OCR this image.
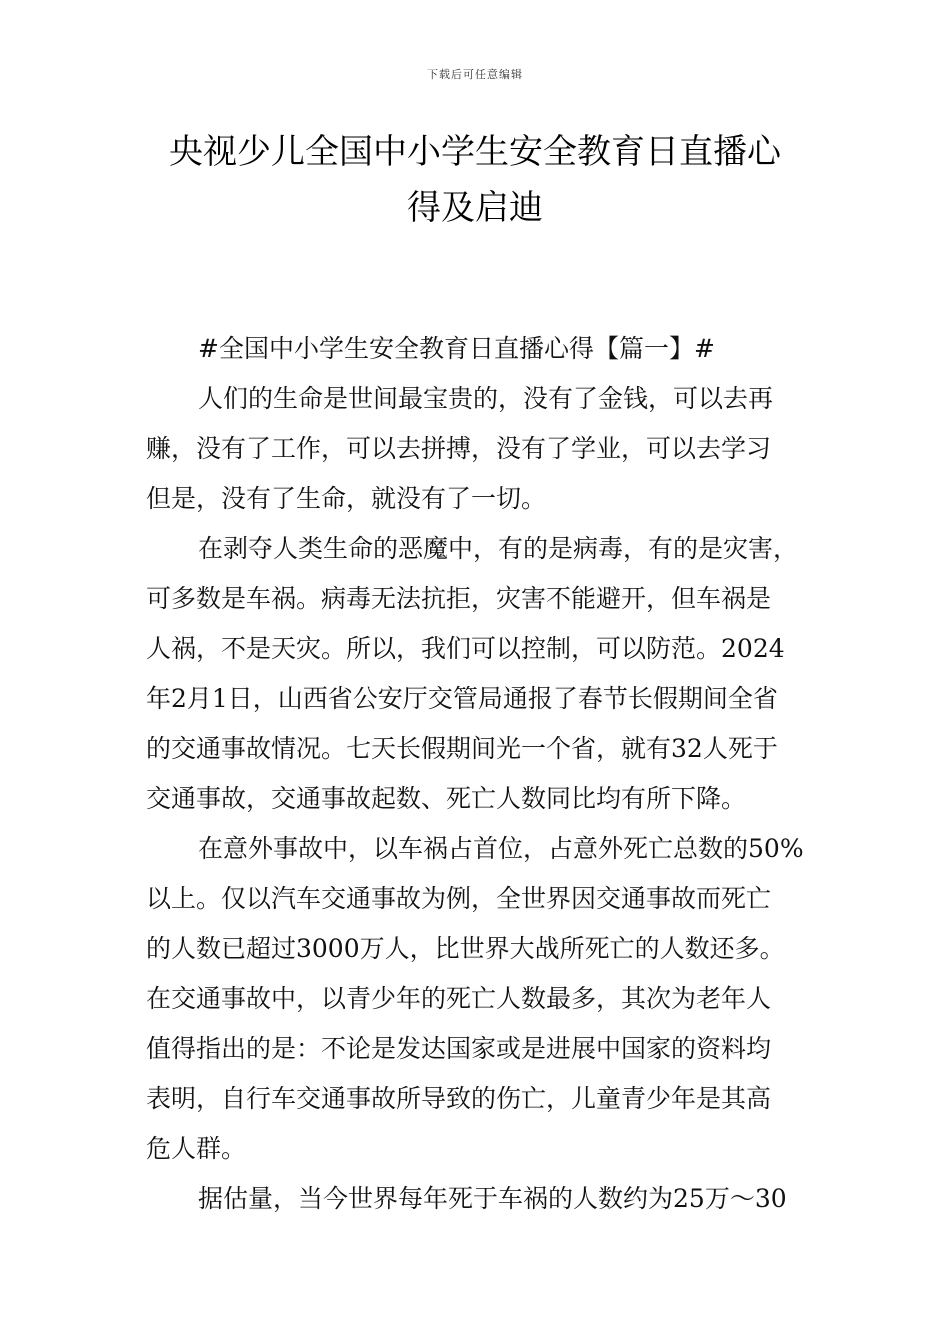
下载后可任意编辑
央视少儿全国中小学生安全教育日直播心
得及启迪
#全国中小学生安全教育日直播心得【篇一】#
人们的生命是世间最宝贵的，没有了金钱，可以去再
赚，没有了工作，可以去拼搏，没有了学业，可以去学习
但是，没有了生命，就没有了一切。
在剥夺人类生命的恶魔中，有的是病毒，有的是灾害，
可多数是车祸。病毒无法抗拒，灾害不能避开，但车祸是
人祸，不是天灾。所以，我们可以控制，可以防范。2024
年2月1日，山西省公安厅交管局通报了春节长假期间全省
的交通事故情况。七天长假期间光一个省，就有32人死于
交通事故，交通事故起数、死亡人数同比均有所下降。
在意外事故中，以车祸占首位，占意外死亡总数的50%
以上。仅以汽车交通事故为例，全世界因交通事故而死亡
的人数已超过3000万人，比世界大战所死亡的人数还多。
在交通事故中，以青少年的死亡人数最多，其次为老年人
值得指出的是：不论是发达国家或是进展中国家的资料均
表明，自行车交通事故所导致的伤亡，儿童青少年是其高
危人群。
据估量，当今世界每年死于车祸的人数约为25万～30
